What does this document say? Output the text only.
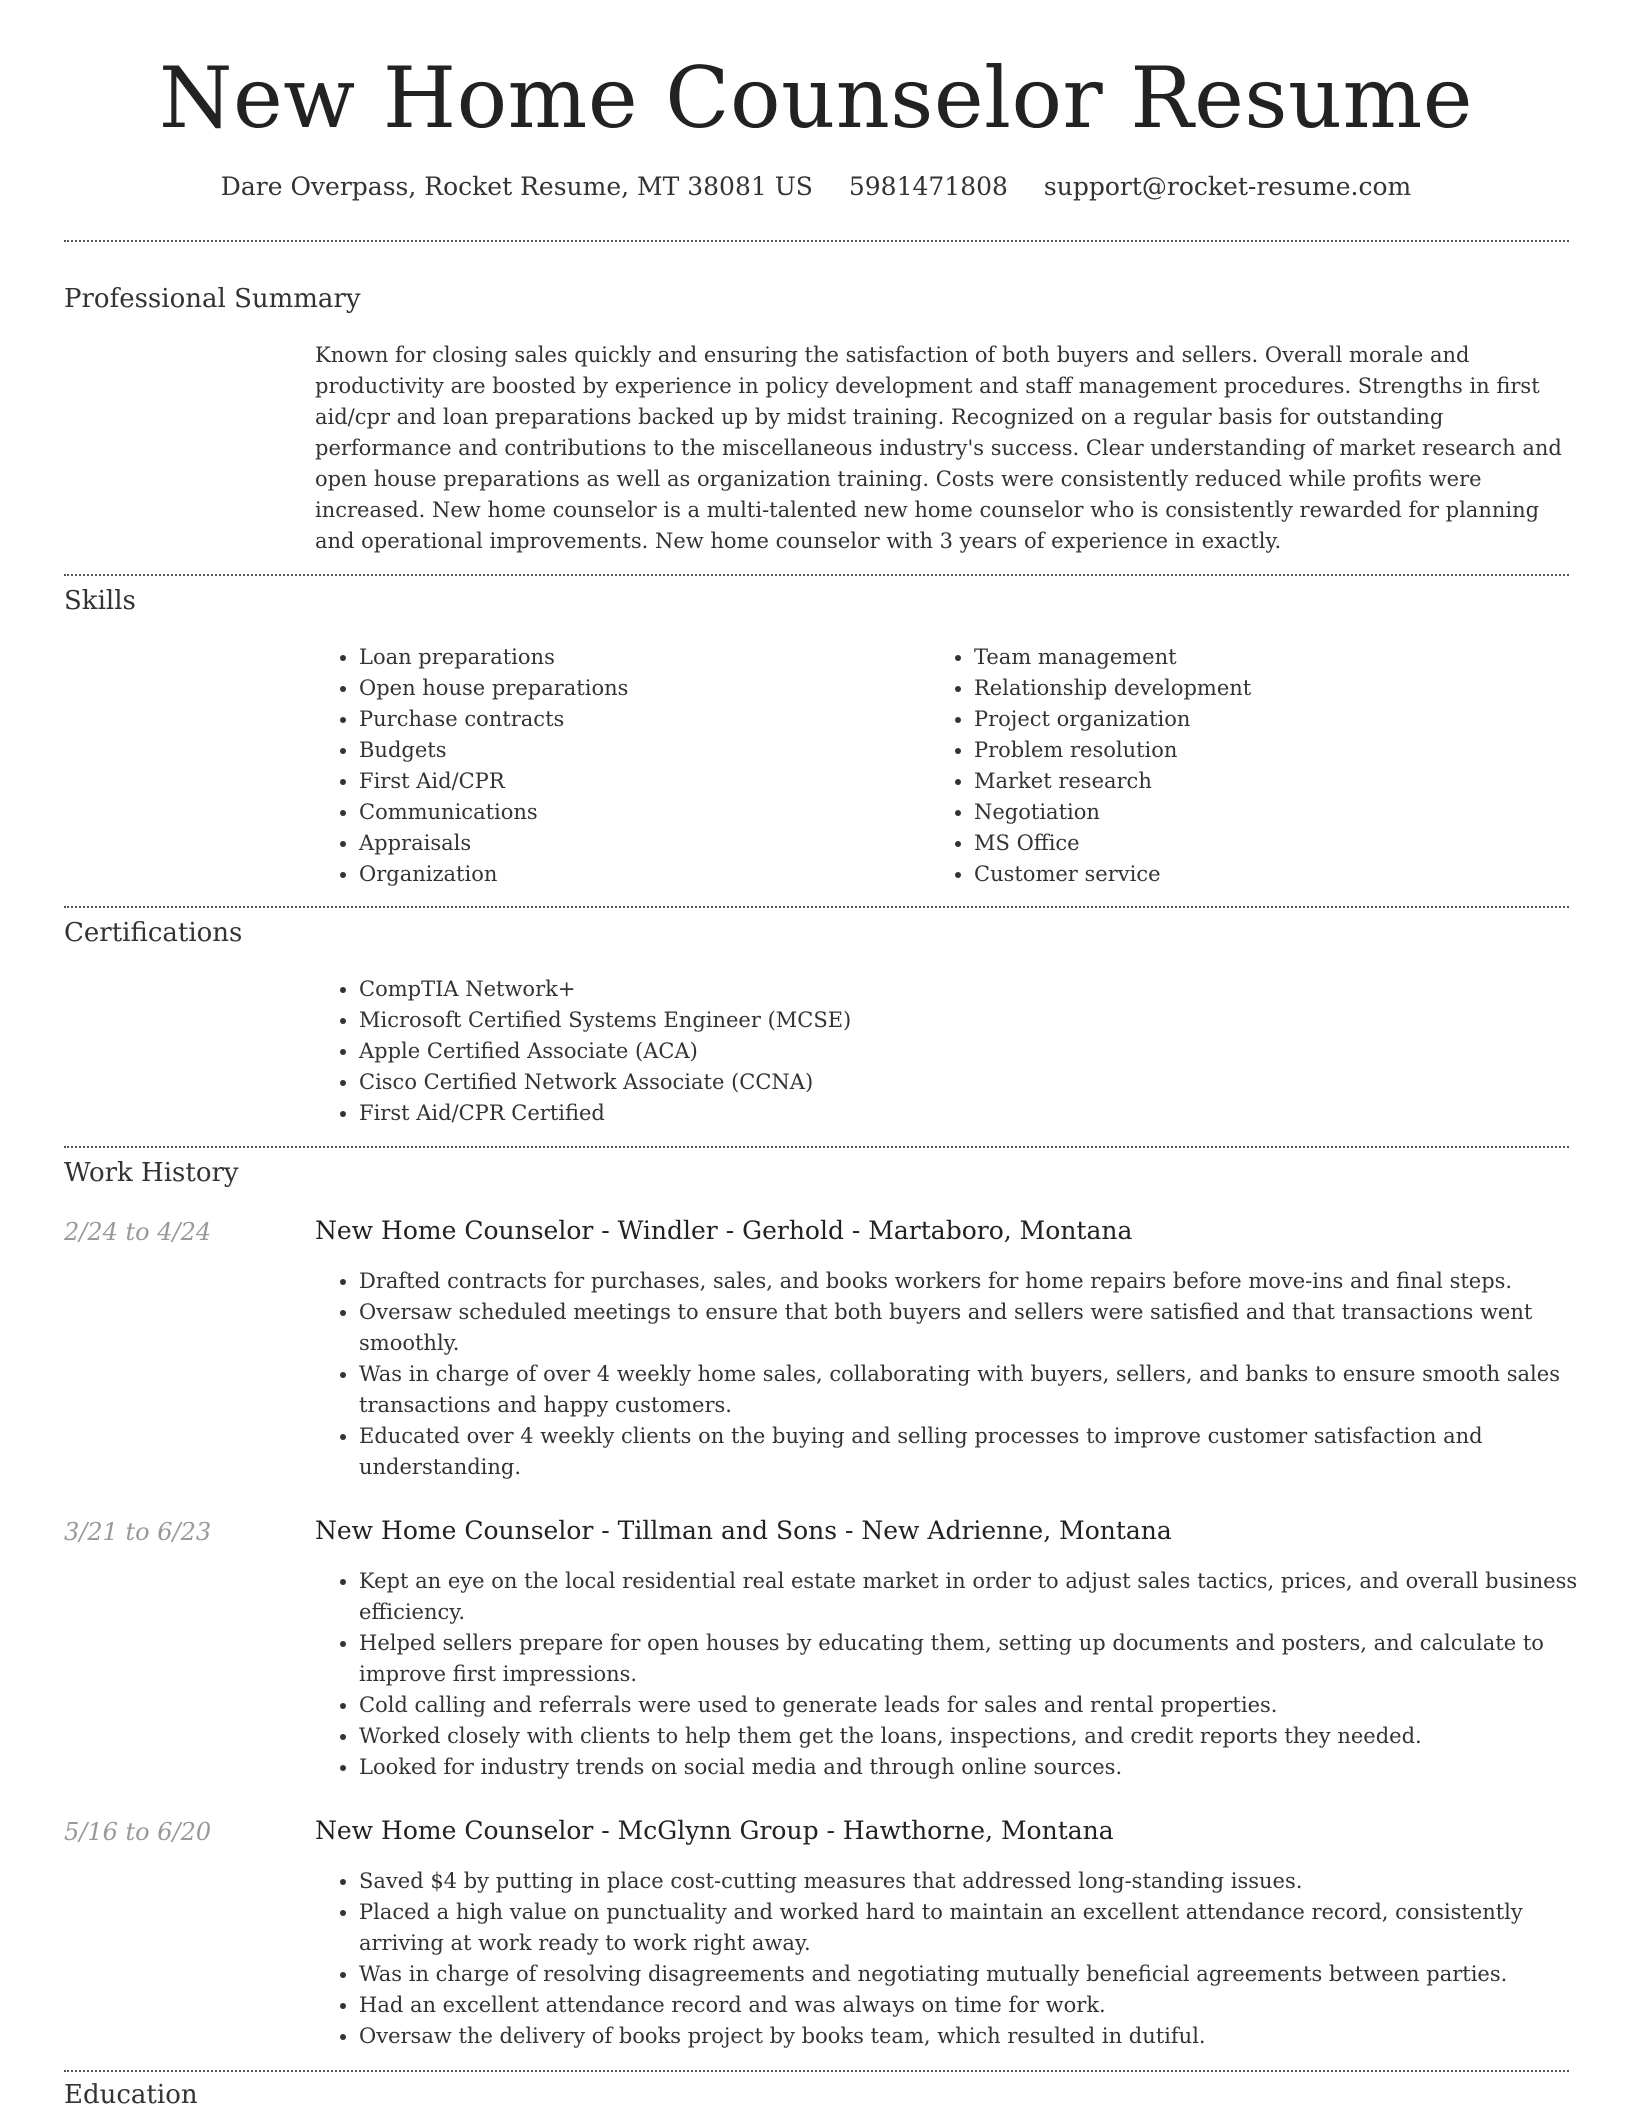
New Home Counselor Resume
Dare Overpass, Rocket Resume, MT 38081 US 5981471808 support@rocket-resume.com
Professional Summary

Known for closing sales quickly and ensuring the satisfaction of both buyers and sellers. Overall morale and productivity are boosted by experience in policy development and staff management procedures. Strengths in first aid/cpr and loan preparations backed up by midst training. Recognized on a regular basis for outstanding performance and contributions to the miscellaneous industry's success. Clear understanding of market research and open house preparations as well as organization training. Costs were consistently reduced while profits were increased. New home counselor is a multi-talented new home counselor who is consistently rewarded for planning and operational improvements. New home counselor with 3 years of experience in exactly.

Skills
• Loan preparations
• Open house preparations
• Purchase contracts
• Budgets
• First Aid/CPR
• Communications
• Appraisals
• Organization
• Team management
• Relationship development
• Project organization
• Problem resolution
• Market research
• Negotiation
• MS Office
• Customer service
Certifications
• CompTIA Network+
• Microsoft Certified Systems Engineer (MCSE)
• Apple Certified Associate (ACA)
• Cisco Certified Network Associate (CCNA)
• First Aid/CPR Certified
Work History
2/24 to 4/24	New Home Counselor - Windler - Gerhold - Martaboro, Montana
• Drafted contracts for purchases, sales, and books workers for home repairs before move-ins and final steps.
• Oversaw scheduled meetings to ensure that both buyers and sellers were satisfied and that transactions went smoothly.
• Was in charge of over 4 weekly home sales, collaborating with buyers, sellers, and banks to ensure smooth sales transactions and happy customers.
• Educated over 4 weekly clients on the buying and selling processes to improve customer satisfaction and understanding.
3/21 to 6/23	New Home Counselor - Tillman and Sons - New Adrienne, Montana
• Kept an eye on the local residential real estate market in order to adjust sales tactics, prices, and overall business efficiency.
• Helped sellers prepare for open houses by educating them, setting up documents and posters, and calculate to improve first impressions.
• Cold calling and referrals were used to generate leads for sales and rental properties.
• Worked closely with clients to help them get the loans, inspections, and credit reports they needed.
• Looked for industry trends on social media and through online sources.
5/16 to 6/20	New Home Counselor - McGlynn Group - Hawthorne, Montana
• Saved $4 by putting in place cost-cutting measures that addressed long-standing issues.
• Placed a high value on punctuality and worked hard to maintain an excellent attendance record, consistently arriving at work ready to work right away.
• Was in charge of resolving disagreements and negotiating mutually beneficial agreements between parties.
• Had an excellent attendance record and was always on time for work.
• Oversaw the delivery of books project by books team, which resulted in dutiful.
Education
